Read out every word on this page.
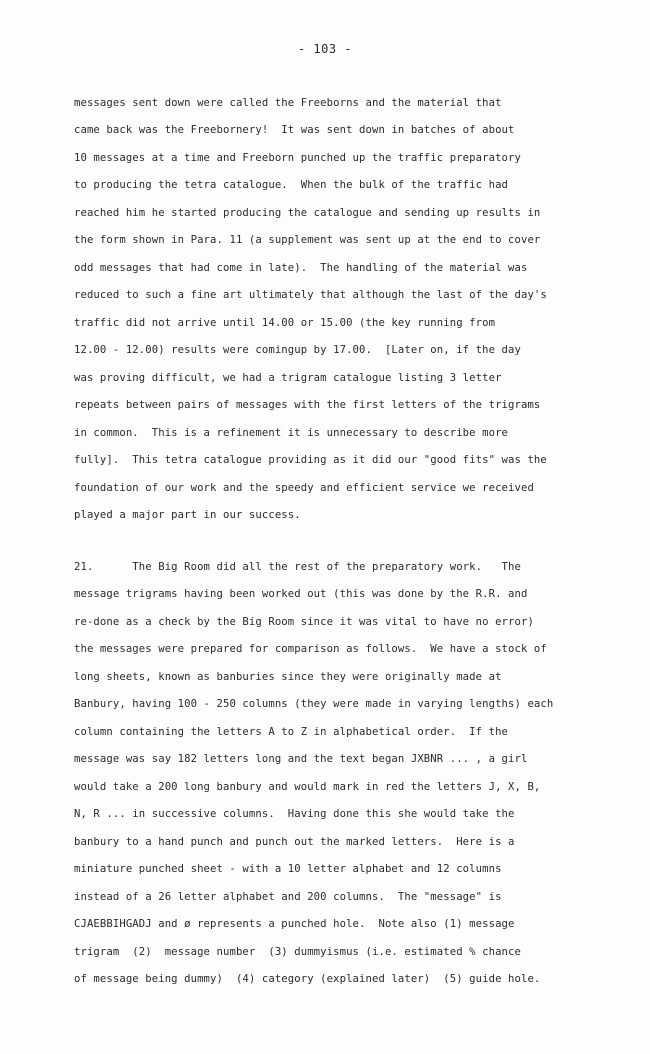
- 103 -
messages sent down were called the Freeborns and the material that
came back was the Freebornery!  It was sent down in batches of about
10 messages at a time and Freeborn punched up the traffic preparatory
to producing the tetra catalogue.  When the bulk of the traffic had
reached him he started producing the catalogue and sending up results in
the form shown in Para. 11 (a supplement was sent up at the end to cover
odd messages that had come in late).  The handling of the material was
reduced to such a fine art ultimately that although the last of the day's
traffic did not arrive until 14.00 or 15.00 (the key running from
12.00 - 12.00) results were comingup by 17.00.  [Later on, if the day
was proving difficult, we had a trigram catalogue listing 3 letter
repeats between pairs of messages with the first letters of the trigrams
in common.  This is a refinement it is unnecessary to describe more
fully].  This tetra catalogue providing as it did our "good fits" was the
foundation of our work and the speedy and efficient service we received
played a major part in our success.
21.      The Big Room did all the rest of the preparatory work.   The
message trigrams having been worked out (this was done by the R.R. and
re-done as a check by the Big Room since it was vital to have no error)
the messages were prepared for comparison as follows.  We have a stock of
long sheets, known as banburies since they were originally made at
Banbury, having 100 - 250 columns (they were made in varying lengths) each
column containing the letters A to Z in alphabetical order.  If the
message was say 182 letters long and the text began JXBNR ... , a girl
would take a 200 long banbury and would mark in red the letters J, X, B,
N, R ... in successive columns.  Having done this she would take the
banbury to a hand punch and punch out the marked letters.  Here is a
miniature punched sheet - with a 10 letter alphabet and 12 columns
instead of a 26 letter alphabet and 200 columns.  The "message" is
CJAEBBIHGADJ and ø represents a punched hole.  Note also (1) message
trigram  (2)  message number  (3) dummyismus (i.e. estimated % chance
of message being dummy)  (4) category (explained later)  (5) guide hole.
